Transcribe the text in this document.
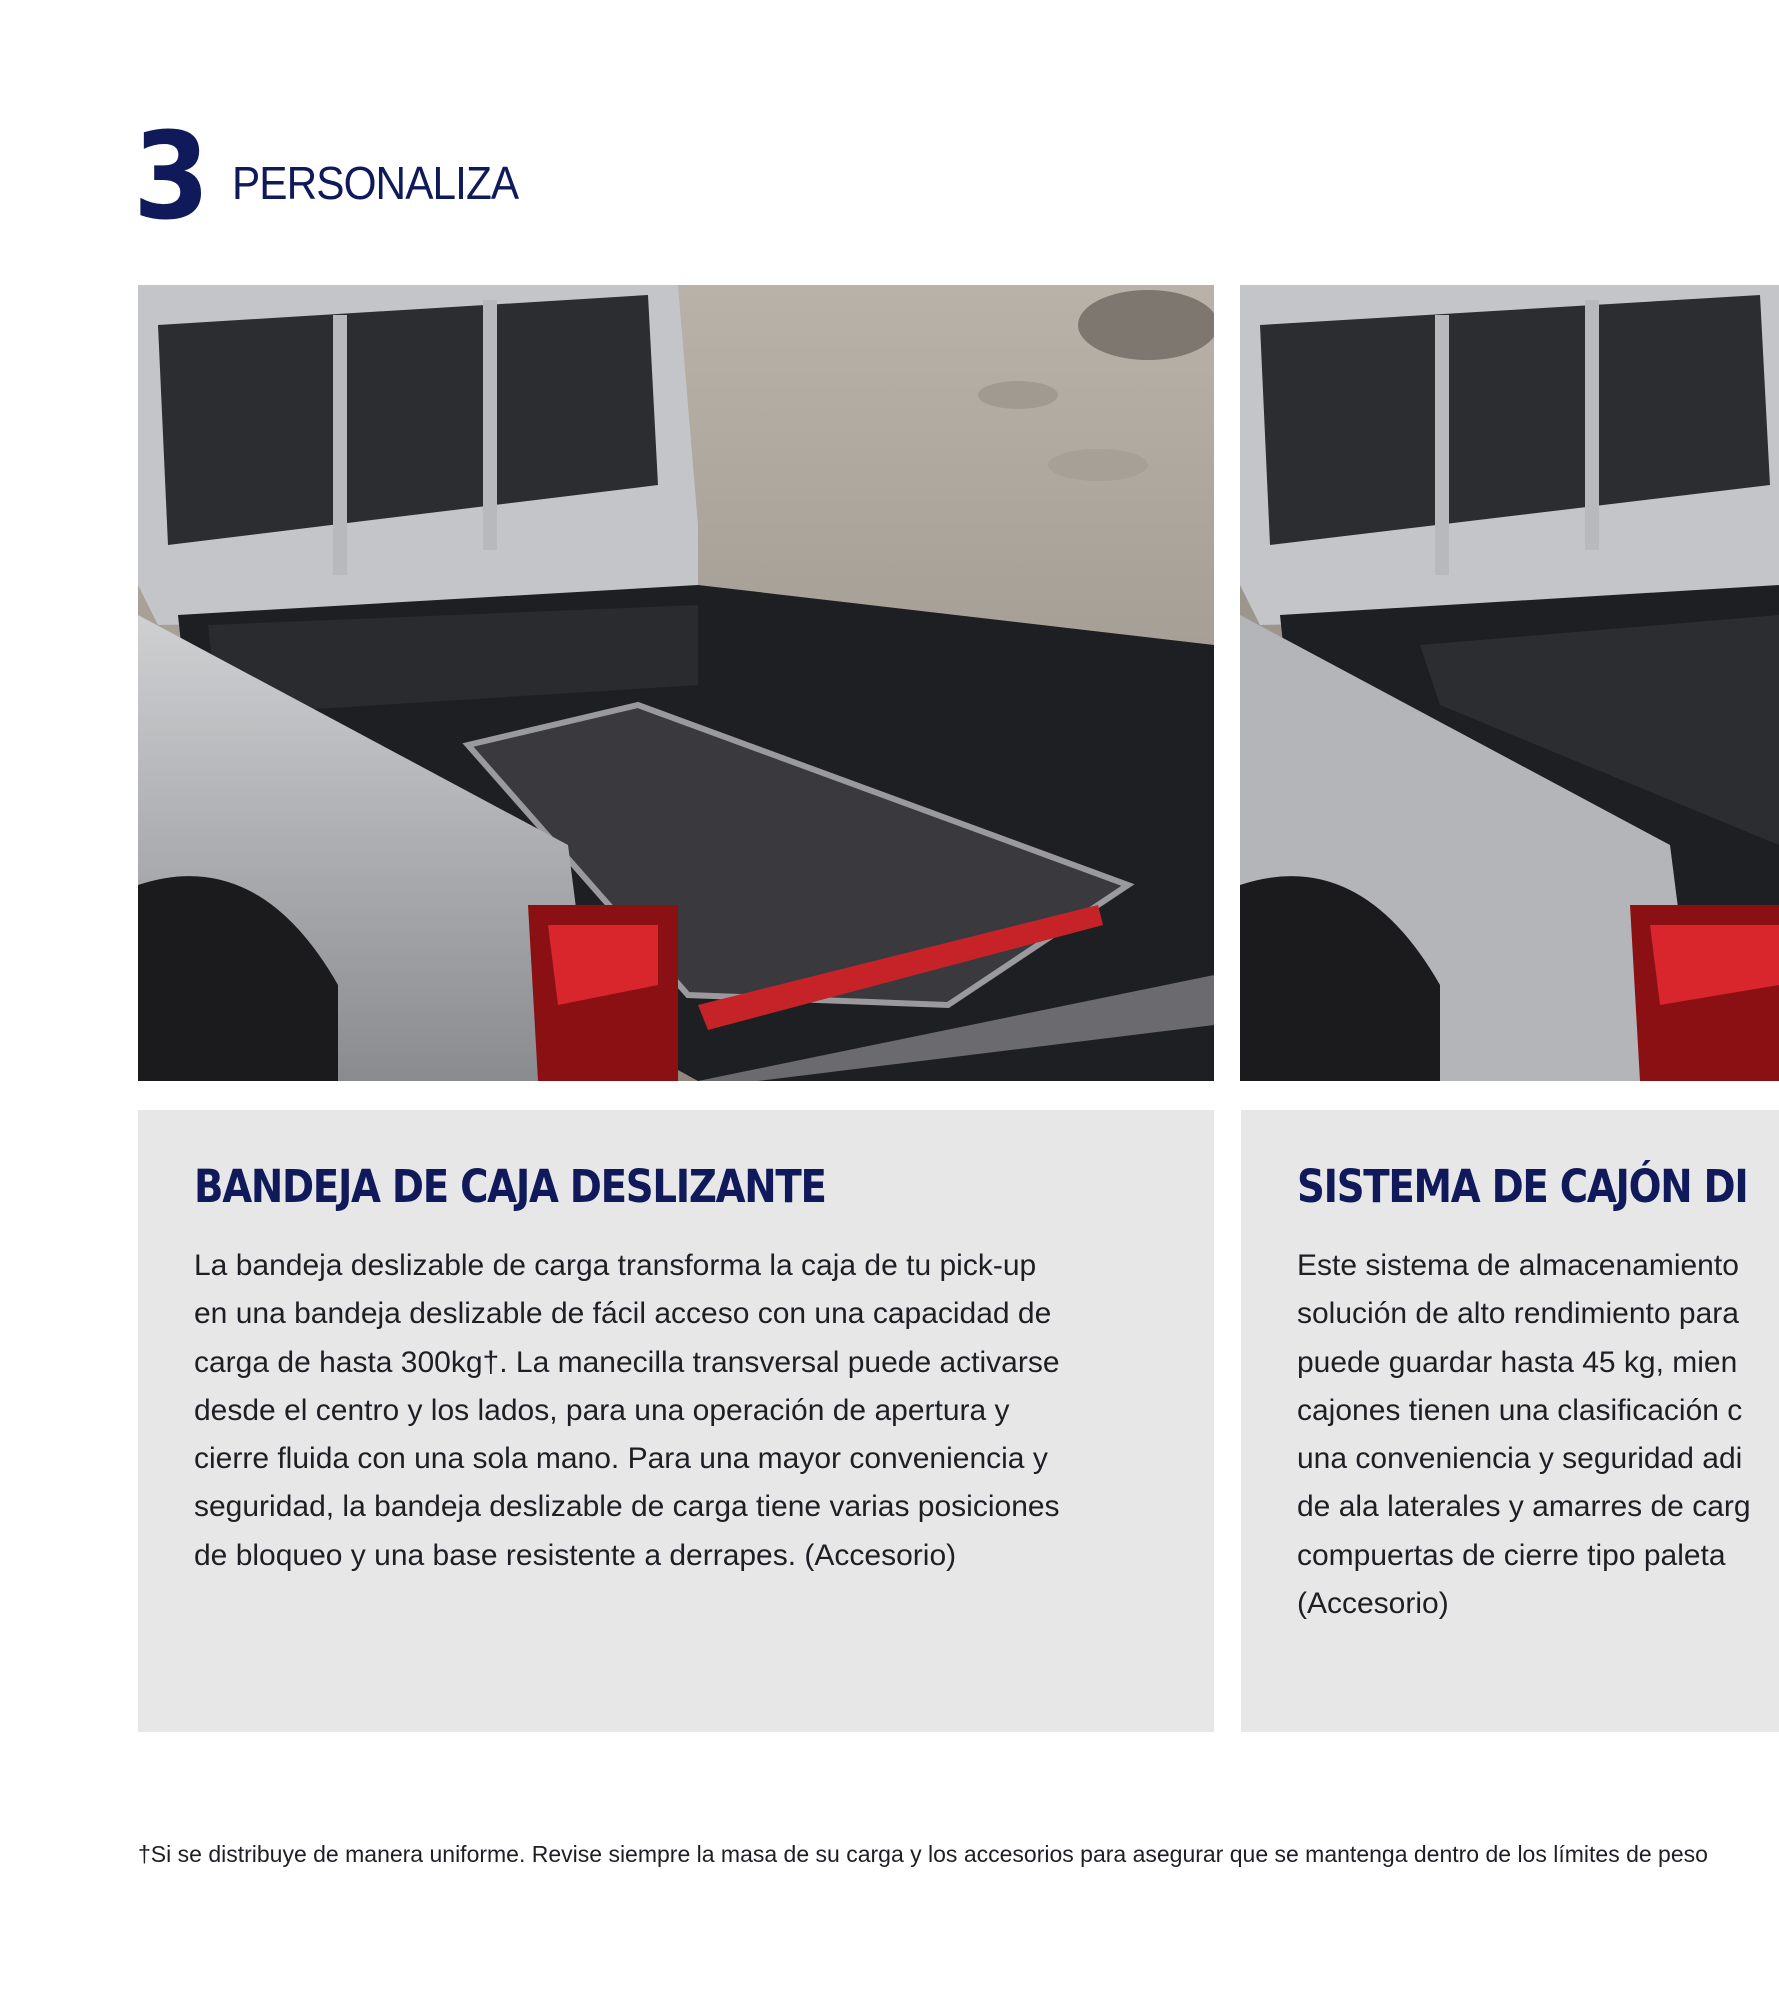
3 PERSONALIZA
BANDEJA DE CAJA DESLIZANTE

La bandeja deslizable de carga transforma la caja de tu pick-up
en una bandeja deslizable de fácil acceso con una capacidad de
carga de hasta 300kg†. La manecilla transversal puede activarse
desde el centro y los lados, para una operación de apertura y
cierre fluida con una sola mano. Para una mayor conveniencia y
seguridad, la bandeja deslizable de carga tiene varias posiciones
de bloqueo y una base resistente a derrapes. (Accesorio)

SISTEMA DE CAJÓN DI

Este sistema de almacenamiento
solución de alto rendimiento para
puede guardar hasta 45 kg, mien
cajones tienen una clasificación c
una conveniencia y seguridad adi
de ala laterales y amarres de carg
compuertas de cierre tipo paleta
(Accesorio)

†Si se distribuye de manera uniforme. Revise siempre la masa de su carga y los accesorios para asegurar que se mantenga dentro de los límites de peso
